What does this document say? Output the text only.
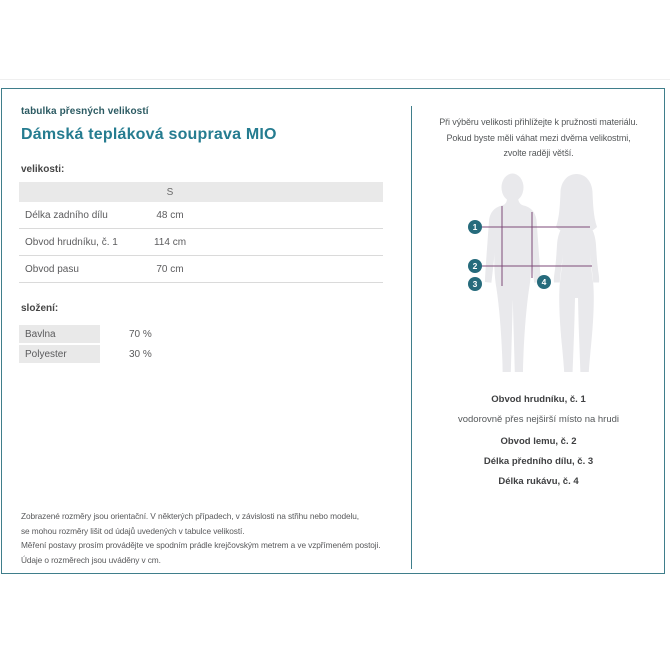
tabulka přesných velikostí

Dámská tepláková souprava MIO

velikosti:

S
Délka zadního dílu	48 cm
Obvod hrudníku, č. 1	114 cm
Obvod pasu	70 cm

složení:

Bavlna	70 %
Polyester	30 %

Zobrazené rozměry jsou orientační. V některých případech, v závislosti na střihu nebo modelu,

se mohou rozměry lišit od údajů uvedených v tabulce velikostí.

Měření postavy prosím provádějte ve spodním prádle krejčovským metrem a ve vzpřímeném postoji.

Údaje o rozměrech jsou uváděny v cm.

Při výběru velikosti přihlížejte k pružnosti materiálu.

Pokud byste měli váhat mezi dvěma velikostmi,

zvolte raději větší.

1
2
3	4

Obvod hrudníku, č. 1

vodorovně přes nejširší místo na hrudi

Obvod lemu, č. 2

Délka předního dílu, č. 3

Délka rukávu, č. 4
